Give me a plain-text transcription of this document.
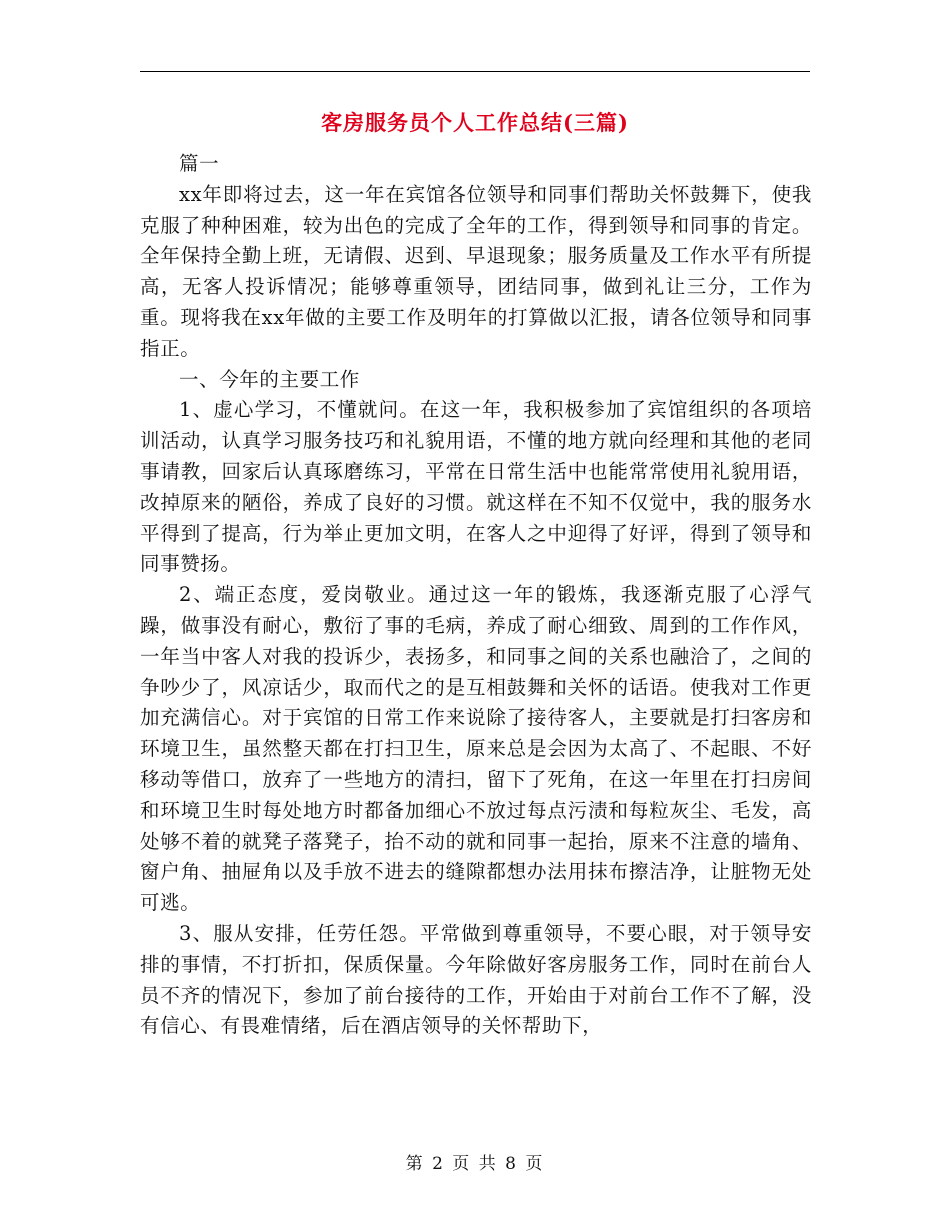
客房服务员个人工作总结(三篇)

篇一

xx年即将过去，这一年在宾馆各位领导和同事们帮助关怀鼓舞下，使我克服了种种困难，较为出色的完成了全年的工作，得到领导和同事的肯定。全年保持全勤上班，无请假、迟到、早退现象；服务质量及工作水平有所提高，无客人投诉情况；能够尊重领导，团结同事，做到礼让三分，工作为重。现将我在xx年做的主要工作及明年的打算做以汇报，请各位领导和同事指正。

一、今年的主要工作

1、虚心学习，不懂就问。在这一年，我积极参加了宾馆组织的各项培训活动，认真学习服务技巧和礼貌用语，不懂的地方就向经理和其他的老同事请教，回家后认真琢磨练习，平常在日常生活中也能常常使用礼貌用语，改掉原来的陋俗，养成了良好的习惯。就这样在不知不仅觉中，我的服务水平得到了提高，行为举止更加文明，在客人之中迎得了好评，得到了领导和同事赞扬。

2、端正态度，爱岗敬业。通过这一年的锻炼，我逐渐克服了心浮气躁，做事没有耐心，敷衍了事的毛病，养成了耐心细致、周到的工作作风，一年当中客人对我的投诉少，表扬多，和同事之间的关系也融洽了，之间的争吵少了，风凉话少，取而代之的是互相鼓舞和关怀的话语。使我对工作更加充满信心。对于宾馆的日常工作来说除了接待客人，主要就是打扫客房和环境卫生，虽然整天都在打扫卫生，原来总是会因为太高了、不起眼、不好移动等借口，放弃了一些地方的清扫，留下了死角，在这一年里在打扫房间和环境卫生时每处地方时都备加细心不放过每点污渍和每粒灰尘、毛发，高处够不着的就凳子落凳子，抬不动的就和同事一起抬，原来不注意的墙角、窗户角、抽屉角以及手放不进去的缝隙都想办法用抹布擦洁净，让脏物无处可逃。

3、服从安排，任劳任怨。平常做到尊重领导，不要心眼，对于领导安排的事情，不打折扣，保质保量。今年除做好客房服务工作，同时在前台人员不齐的情况下，参加了前台接待的工作，开始由于对前台工作不了解，没有信心、有畏难情绪，后在酒店领导的关怀帮助下，

第 2 页 共 8 页
